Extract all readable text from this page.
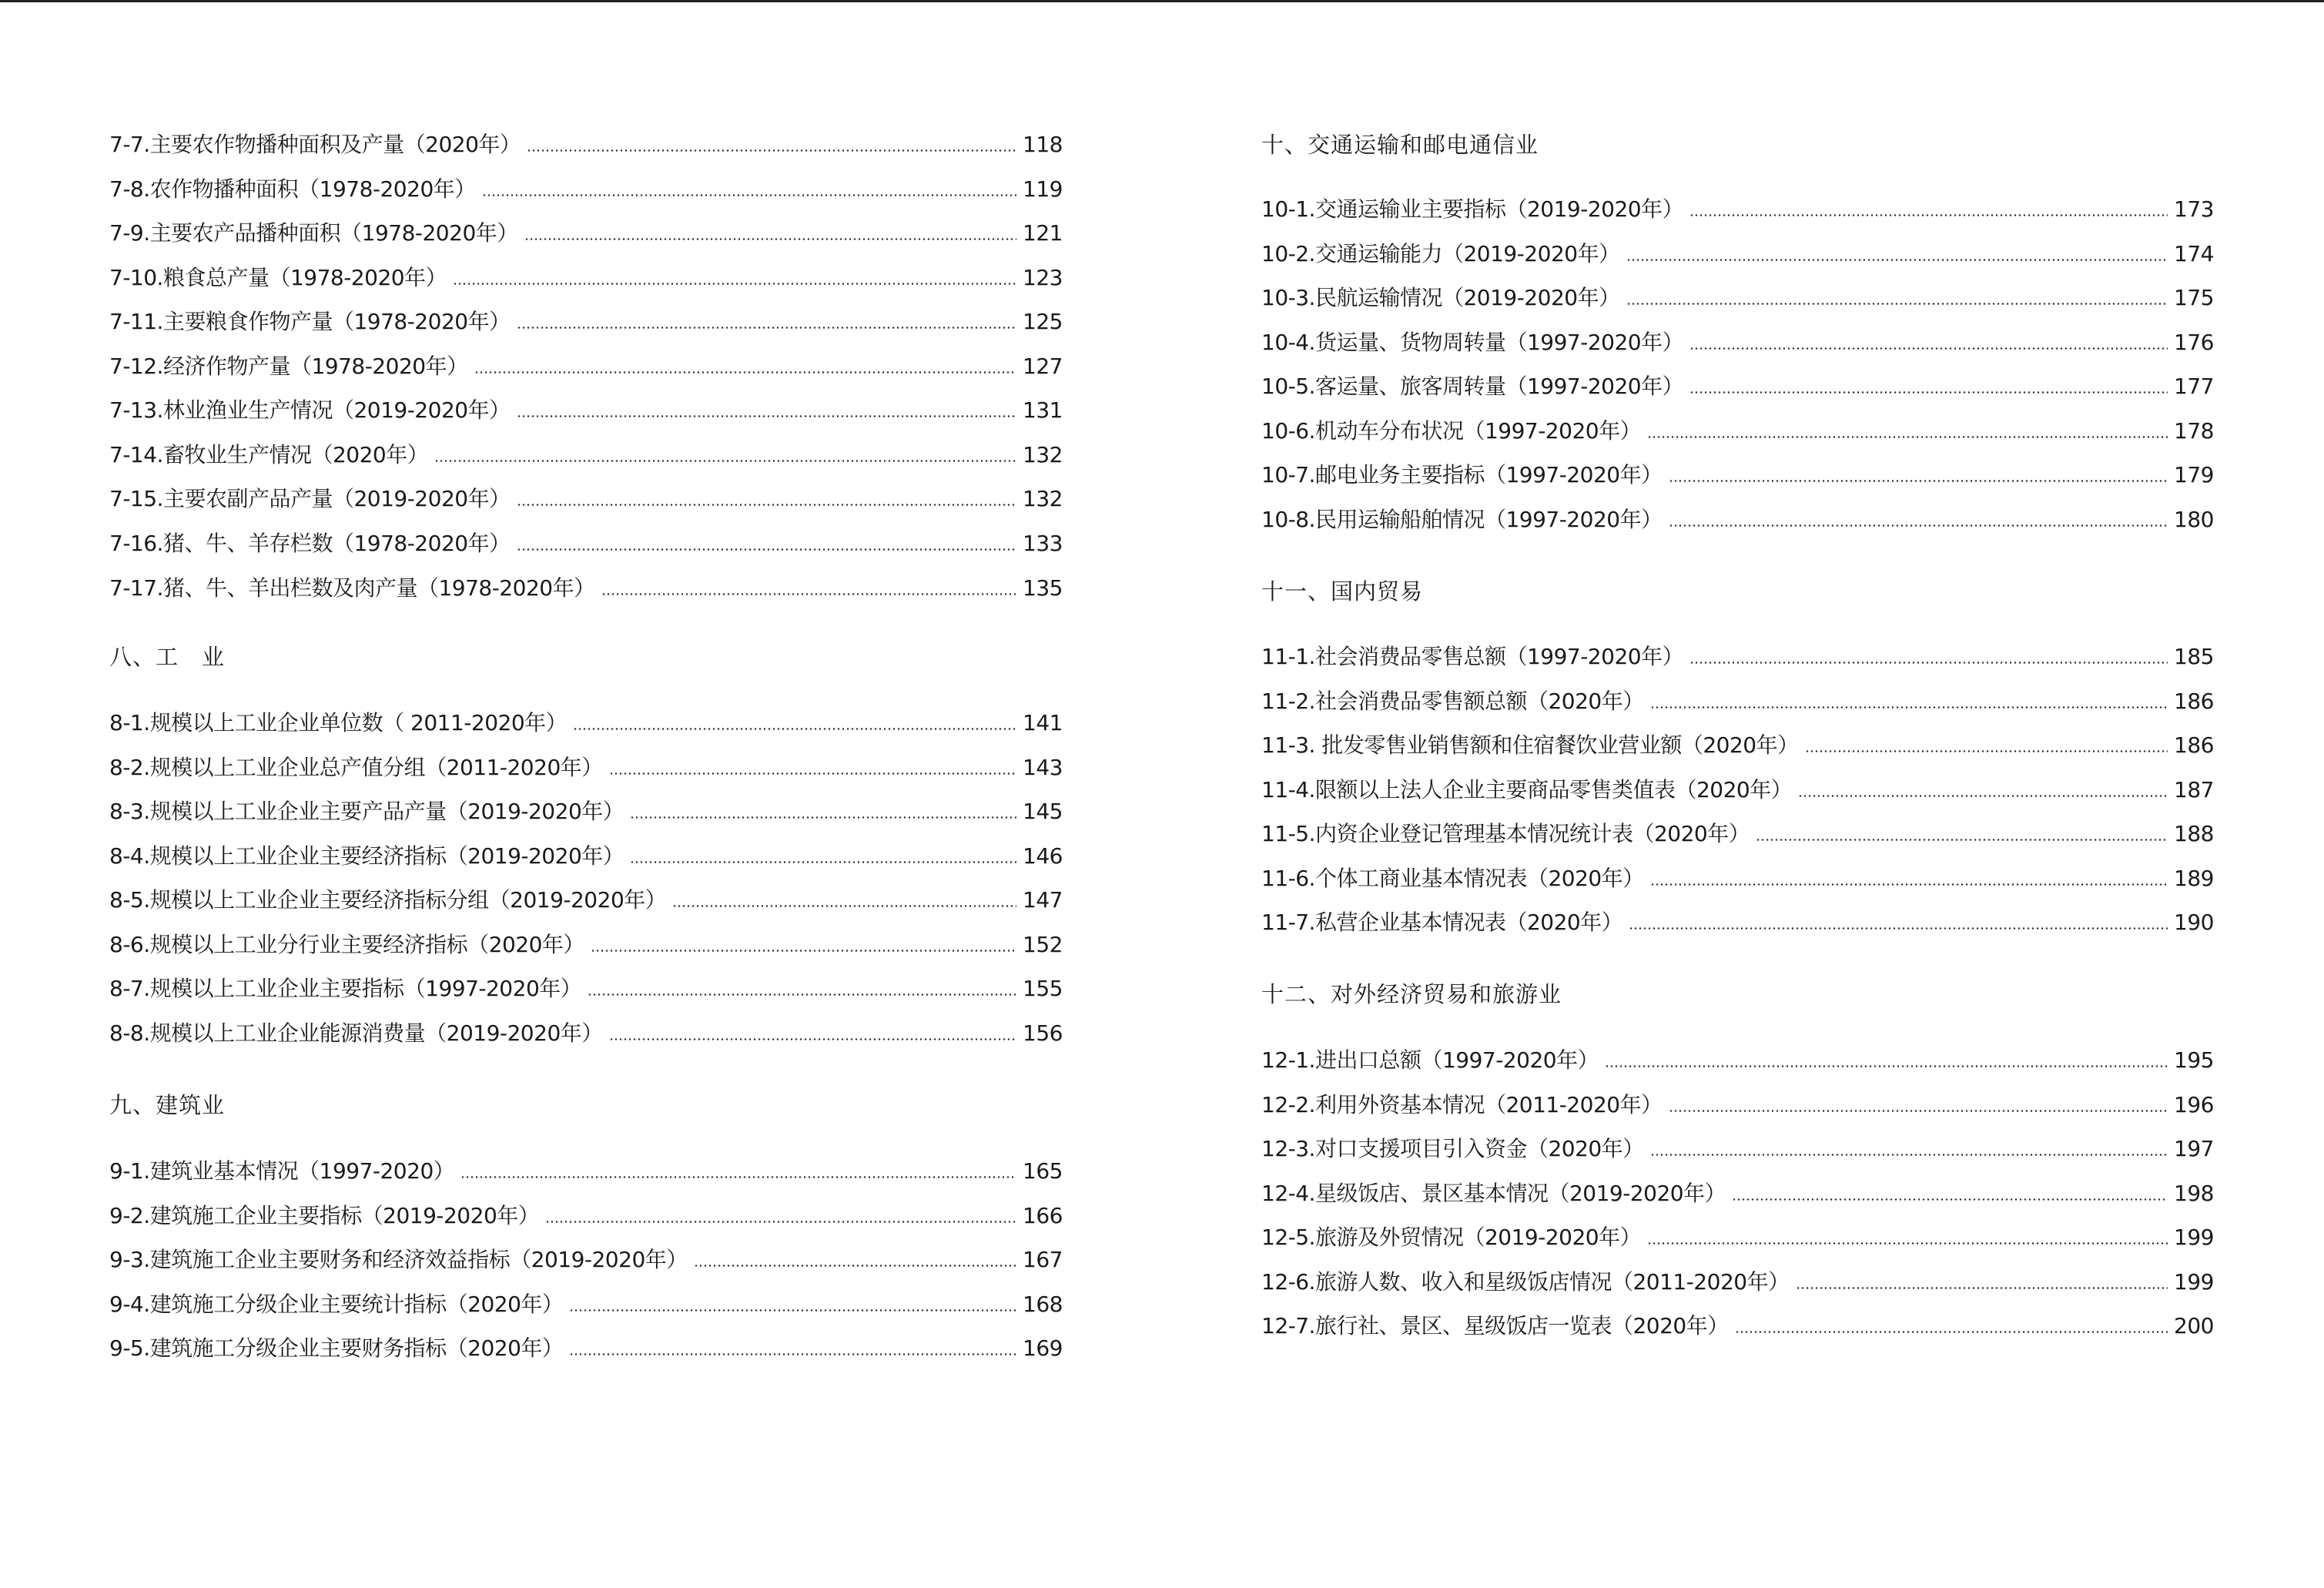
7-7.主要农作物播种面积及产量（2020年）	118
7-8.农作物播种面积（1978-2020年）	119
7-9.主要农产品播种面积（1978-2020年）	121
7-10.粮食总产量（1978-2020年）	123
7-11.主要粮食作物产量（1978-2020年）	125
7-12.经济作物产量（1978-2020年）	127
7-13.林业渔业生产情况（2019-2020年）	131
7-14.畜牧业生产情况（2020年）	132
7-15.主要农副产品产量（2019-2020年）	132
7-16.猪、牛、羊存栏数（1978-2020年）	133
7-17.猪、牛、羊出栏数及肉产量（1978-2020年）	135
八、工　业
8-1.规模以上工业企业单位数（ 2011-2020年）	141
8-2.规模以上工业企业总产值分组（2011-2020年）	143
8-3.规模以上工业企业主要产品产量（2019-2020年）	145
8-4.规模以上工业企业主要经济指标（2019-2020年）	146
8-5.规模以上工业企业主要经济指标分组（2019-2020年）	147
8-6.规模以上工业分行业主要经济指标（2020年）	152
8-7.规模以上工业企业主要指标（1997-2020年）	155
8-8.规模以上工业企业能源消费量（2019-2020年）	156
九、建筑业
9-1.建筑业基本情况（1997-2020）	165
9-2.建筑施工企业主要指标（2019-2020年）	166
9-3.建筑施工企业主要财务和经济效益指标（2019-2020年）	167
9-4.建筑施工分级企业主要统计指标（2020年）	168
9-5.建筑施工分级企业主要财务指标（2020年）	169
十、交通运输和邮电通信业
10-1.交通运输业主要指标（2019-2020年）	173
10-2.交通运输能力（2019-2020年）	174
10-3.民航运输情况（2019-2020年）	175
10-4.货运量、货物周转量（1997-2020年）	176
10-5.客运量、旅客周转量（1997-2020年）	177
10-6.机动车分布状况（1997-2020年）	178
10-7.邮电业务主要指标（1997-2020年）	179
10-8.民用运输船舶情况（1997-2020年）	180
十一、国内贸易
11-1.社会消费品零售总额（1997-2020年）	185
11-2.社会消费品零售额总额（2020年）	186
11-3. 批发零售业销售额和住宿餐饮业营业额（2020年）	186
11-4.限额以上法人企业主要商品零售类值表（2020年）	187
11-5.内资企业登记管理基本情况统计表（2020年）	188
11-6.个体工商业基本情况表（2020年）	189
11-7.私营企业基本情况表（2020年）	190
十二、对外经济贸易和旅游业
12-1.进出口总额（1997-2020年）	195
12-2.利用外资基本情况（2011-2020年）	196
12-3.对口支援项目引入资金（2020年）	197
12-4.星级饭店、景区基本情况（2019-2020年）	198
12-5.旅游及外贸情况（2019-2020年）	199
12-6.旅游人数、收入和星级饭店情况（2011-2020年）	199
12-7.旅行社、景区、星级饭店一览表（2020年）	200
